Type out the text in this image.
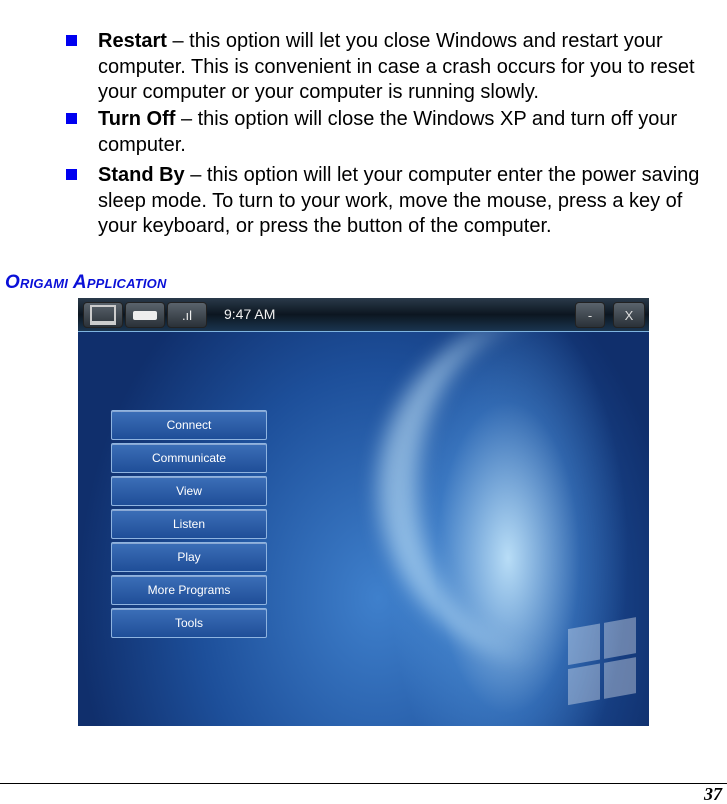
Restart – this option will let you close Windows and restart your computer. This is convenient in case a crash occurs for you to reset your computer or your computer is running slowly.
Turn Off – this option will close the Windows XP and turn off your computer.
Stand By – this option will let your computer enter the power saving sleep mode. To turn to your work, move the mouse, press a key of your keyboard, or press the button of the computer.
Origami Application
.ıl	9:47 AM	-	X
Connect
Communicate
View
Listen
Play
More Programs
Tools
37
